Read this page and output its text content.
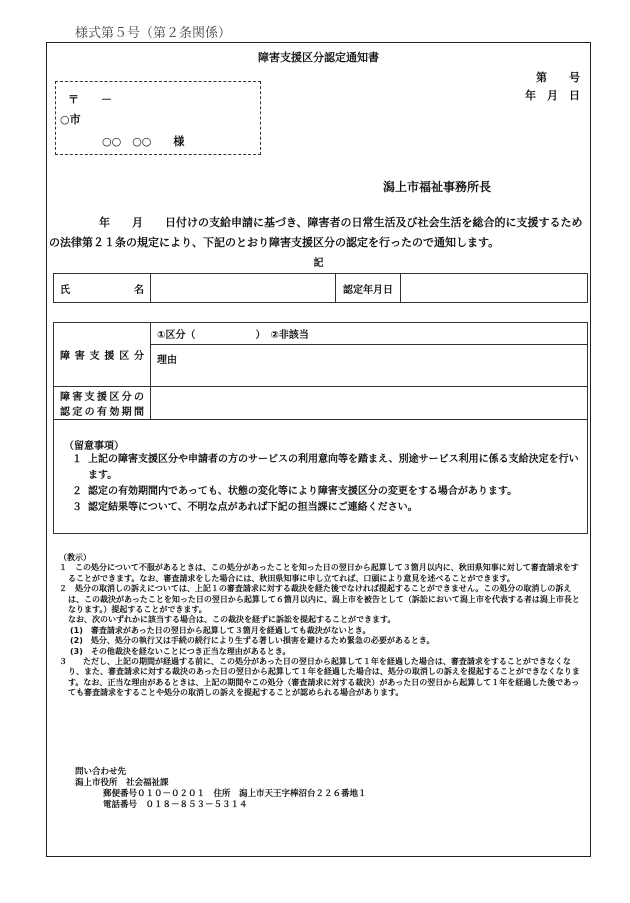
様式第５号（第２条関係）
障害支援区分認定通知書
第　　号
年　月　日
〒　　－
○市
○○　○○　　様
潟上市福祉事務所長
年　　月　　日付けの支給申請に基づき、障害者の日常生活及び社会生活を総合的に支援するため
の法律第２１条の規定により、下記のとおり障害支援区分の認定を行ったので通知します。
記
氏　　名		認定年月日	
障害支援区分	①区分（　　　　　　）　②非該当
	理由

障害支援区分の
認定の有効期間	

（留意事項）
１ 上記の障害支援区分や申請者の方のサービスの利用意向等を踏まえ、別途サービス利用に係る支給決定を行います。
２ 認定の有効期間内であっても、状態の変化等により障害支援区分の変更をする場合があります。
３ 認定結果等について、不明な点があれば下記の担当課にご連絡ください。

（教示）

１　この処分について不服があるときは、この処分があったことを知った日の翌日から起算して３箇月以内に、秋田県知事に対して審査請求をすることができます。なお、審査請求をした場合には、秋田県知事に申し立てれば、口頭により意見を述べることができます。

２　処分の取消しの訴えについては、上記１の審査請求に対する裁決を経た後でなければ提起することができません。この処分の取消しの訴えは、この裁決があったことを知った日の翌日から起算して６箇月以内に、潟上市を被告として（訴訟において潟上市を代表する者は潟上市長となります。）提起することができます。

なお、次のいずれかに該当する場合は、この裁決を経ずに訴訟を提起することができます。

(1)　審査請求があった日の翌日から起算して３箇月を経過しても裁決がないとき。

(2)　処分、処分の執行又は手続の続行により生ずる著しい損害を避けるため緊急の必要があるとき。

(3)　その他裁決を経ないことにつき正当な理由があるとき。

３　　ただし、上記の期間が経過する前に、この処分があった日の翌日から起算して１年を経過した場合は、審査請求をすることができなくなり、また、審査請求に対する裁決のあった日の翌日から起算して１年を経過した場合は、処分の取消しの訴えを提起することができなくなります。なお、正当な理由があるときは、上記の期間やこの処分（審査請求に対する裁決）があった日の翌日から起算して１年を経過した後であっても審査請求をすることや処分の取消しの訴えを提起することが認められる場合があります。

問い合わせ先
潟上市役所　社会福祉課
郵便番号０１０－０２０１　住所　潟上市天王字棒沼台２２６番地１
電話番号　０１８－８５３－５３１４
